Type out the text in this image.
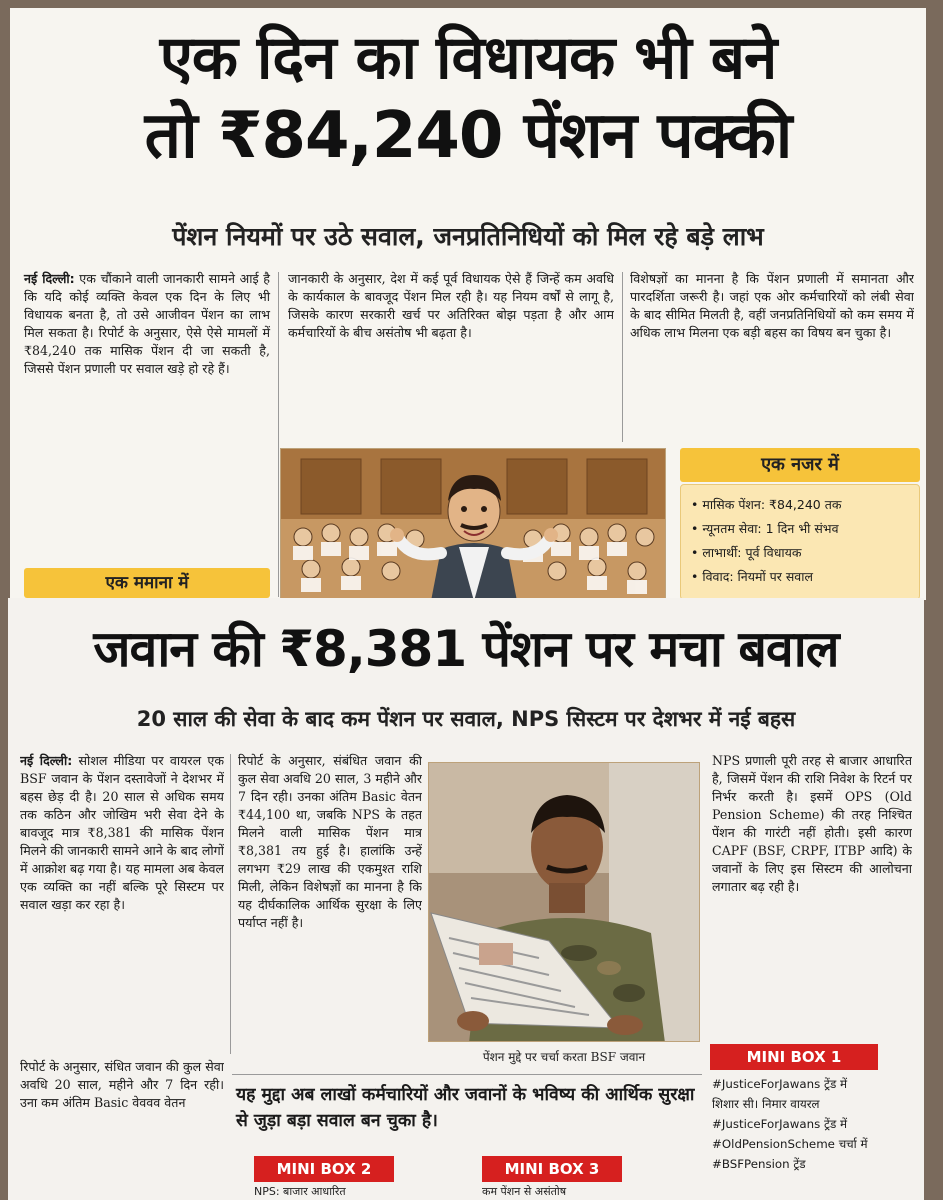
एक दिन का विधायक भी बने
तो ₹84,240 पेंशन पक्की
पेंशन नियमों पर उठे सवाल, जनप्रतिनिधियों को मिल रहे बड़े लाभ
नई दिल्ली: एक चौंकाने वाली जानकारी सामने आई है कि यदि कोई व्यक्ति केवल एक दिन के लिए भी विधायक बनता है, तो उसे आजीवन पेंशन का लाभ मिल सकता है। रिपोर्ट के अनुसार, ऐसे ऐसे मामलों में ₹84,240 तक मासिक पेंशन दी जा सकती है, जिससे पेंशन प्रणाली पर सवाल खड़े हो रहे हैं।
एक ममाना में
जानकारी के अनुसार, देश में कई पूर्व विधायक ऐसे हैं जिन्हें कम अवधि के कार्यकाल के बावजूद पेंशन मिल रही है। यह नियम वर्षों से लागू है, जिसके कारण सरकारी खर्च पर अतिरिक्त बोझ पड़ता है और आम कर्मचारियों के बीच असंतोष भी बढ़ता है।
विशेषज्ञों का मानना है कि पेंशन प्रणाली में समानता और पारदर्शिता जरूरी है। जहां एक ओर कर्मचारियों को लंबी सेवा के बाद सीमित मिलती है, वहीं जनप्रतिनिधियों को कम समय में अधिक लाभ मिलना एक बड़ी बहस का विषय बन चुका है।
एक नजर में
• मासिक पेंशन: ₹84,240 तक
• न्यूनतम सेवा: 1 दिन भी संभव
• लाभार्थी: पूर्व विधायक
• विवाद: नियमों पर सवाल
जवान की ₹8,381 पेंशन पर मचा बवाल
20 साल की सेवा के बाद कम पेंशन पर सवाल, NPS सिस्टम पर देशभर में नई बहस
नई दिल्ली: सोशल मीडिया पर वायरल एक BSF जवान के पेंशन दस्तावेजों ने देशभर में बहस छेड़ दी है। 20 साल से अधिक समय तक कठिन और जोखिम भरी सेवा देने के बावजूद मात्र ₹8,381 की मासिक पेंशन मिलने की जानकारी सामने आने के बाद लोगों में आक्रोश बढ़ गया है। यह मामला अब केवल एक व्यक्ति का नहीं बल्कि पूरे सिस्टम पर सवाल खड़ा कर रहा है।
रिपोर्ट के अनुसार, संधित जवान की कुल सेवा अवधि 20 साल, महीने और 7 दिन रही। उना कम अंतिम Basic वेववव वेतन
रिपोर्ट के अनुसार, संबंधित जवान की कुल सेवा अवधि 20 साल, 3 महीने और 7 दिन रही। उनका अंतिम Basic वेतन ₹44,100 था, जबकि NPS के तहत मिलने वाली मासिक पेंशन मात्र ₹8,381 तय हुई है। हालांकि उन्हें लगभग ₹29 लाख की एकमुश्त राशि मिली, लेकिन विशेषज्ञों का मानना है कि यह दीर्घकालिक आर्थिक सुरक्षा के लिए पर्याप्त नहीं है।
पेंशन मुद्दे पर चर्चा करता BSF जवान
NPS प्रणाली पूरी तरह से बाजार आधारित है, जिसमें पेंशन की राशि निवेश के रिटर्न पर निर्भर करती है। इसमें OPS (Old Pension Scheme) की तरह निश्चित पेंशन की गारंटी नहीं होती। इसी कारण CAPF (BSF, CRPF, ITBP आदि) के जवानों के लिए इस सिस्टम की आलोचना लगातार बढ़ रही है।
यह मुद्दा अब लाखों कर्मचारियों और जवानों के भविष्य की आर्थिक सुरक्षा से जुड़ा बड़ा सवाल बन चुका है।
MINI BOX 2
NPS: बाजार आधारित
MINI BOX 3
कम पेंशन से असंतोष
MINI BOX 1
#JusticeForJawans ट्रेंड में
शिशार सी। निमार वायरल
#JusticeForJawans ट्रेंड में
#OldPensionScheme चर्चा में
#BSFPension ट्रेंड
